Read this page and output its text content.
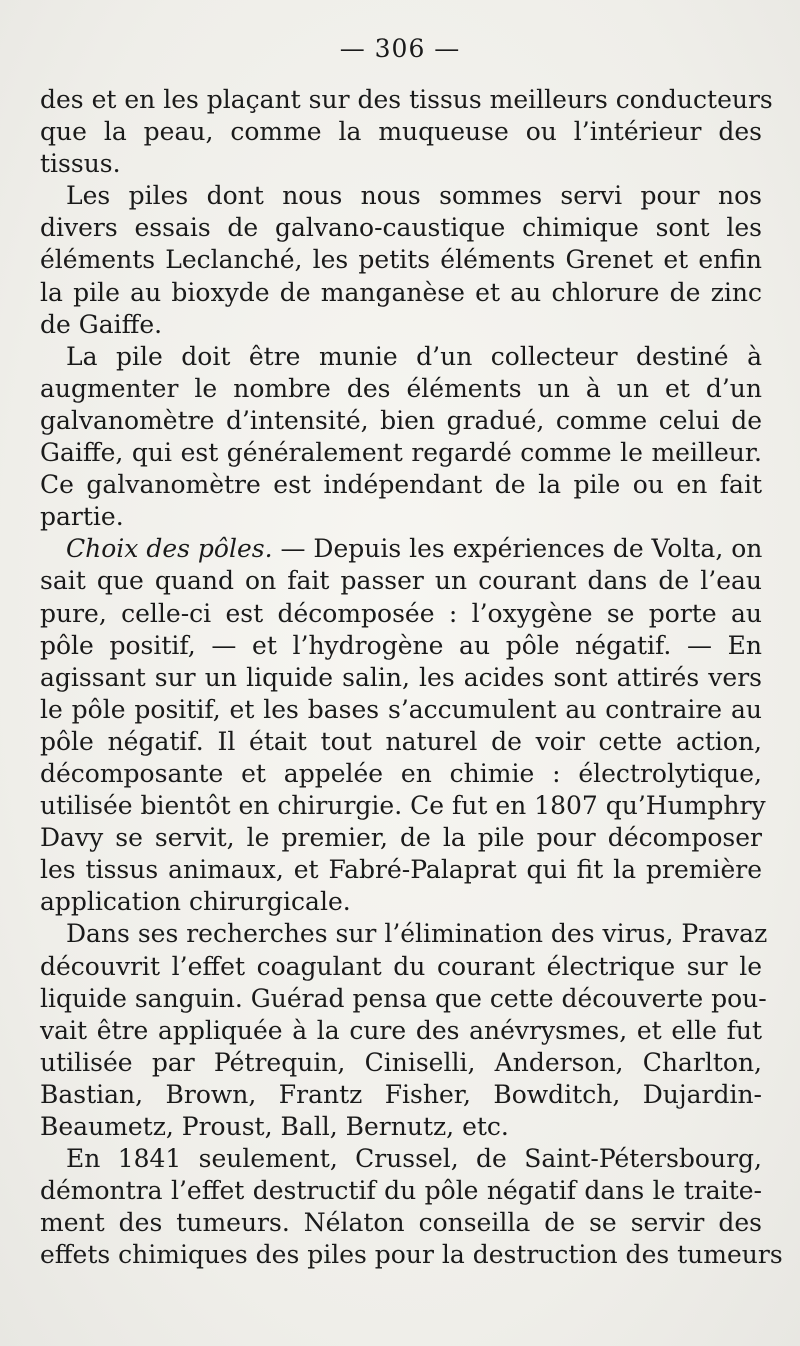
— 306 —
des et en les plaçant sur des tissus meilleurs conducteurs
que la peau, comme la muqueuse ou l’intérieur des
tissus.
Les piles dont nous nous sommes servi pour nos
divers essais de galvano-caustique chimique sont les
éléments Leclanché, les petits éléments Grenet et enfin
la pile au bioxyde de manganèse et au chlorure de zinc
de Gaiffe.
La pile doit être munie d’un collecteur destiné à
augmenter le nombre des éléments un à un et d’un
galvanomètre d’intensité, bien gradué, comme celui de
Gaiffe, qui est généralement regardé comme le meilleur.
Ce galvanomètre est indépendant de la pile ou en fait
partie.
Choix des pôles. — Depuis les expériences de Volta, on
sait que quand on fait passer un courant dans de l’eau
pure, celle-ci est décomposée : l’oxygène se porte au
pôle positif, — et l’hydrogène au pôle négatif. — En
agissant sur un liquide salin, les acides sont attirés vers
le pôle positif, et les bases s’accumulent au contraire au
pôle négatif. Il était tout naturel de voir cette action,
décomposante et appelée en chimie : électrolytique,
utilisée bientôt en chirurgie. Ce fut en 1807 qu’Humphry
Davy se servit, le premier, de la pile pour décomposer
les tissus animaux, et Fabré-Palaprat qui fit la première
application chirurgicale.
Dans ses recherches sur l’élimination des virus, Pravaz
découvrit l’effet coagulant du courant électrique sur le
liquide sanguin. Guérad pensa que cette découverte pou-
vait être appliquée à la cure des anévrysmes, et elle fut
utilisée par Pétrequin, Ciniselli, Anderson, Charlton,
Bastian, Brown, Frantz Fisher, Bowditch, Dujardin-
Beaumetz, Proust, Ball, Bernutz, etc.
En 1841 seulement, Crussel, de Saint-Pétersbourg,
démontra l’effet destructif du pôle négatif dans le traite-
ment des tumeurs. Nélaton conseilla de se servir des
effets chimiques des piles pour la destruction des tumeurs
